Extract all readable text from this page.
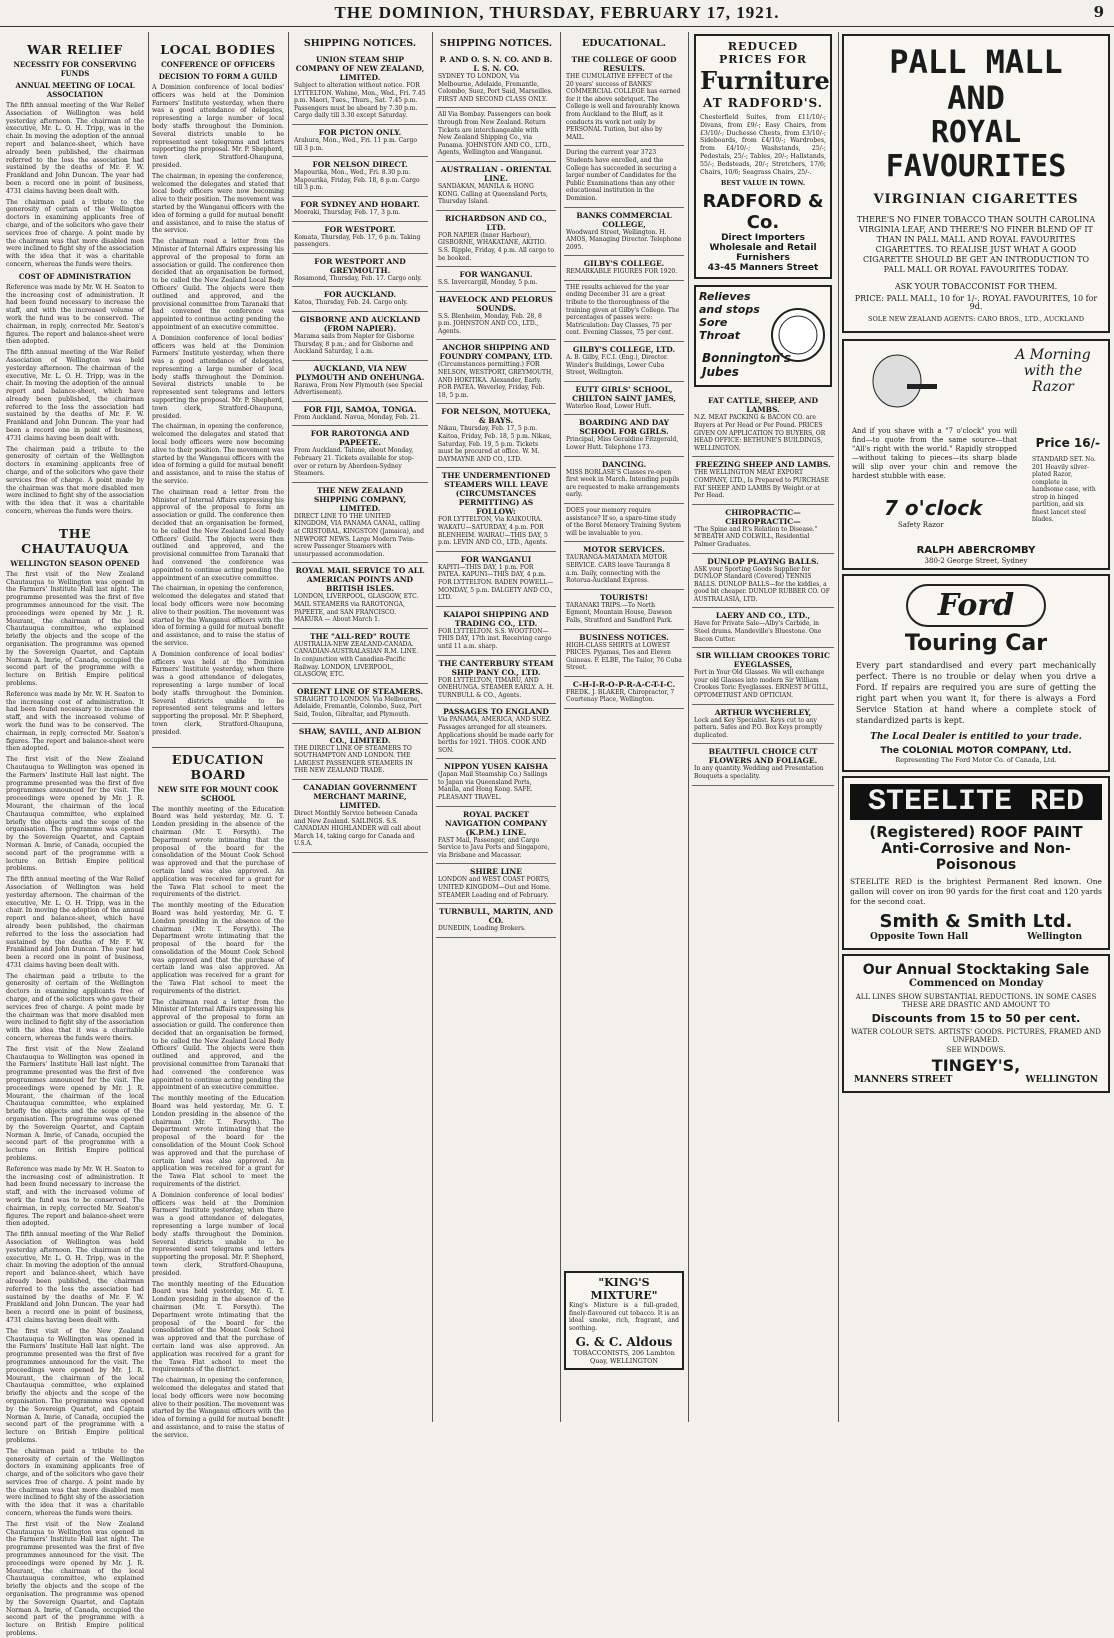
THE DOMINION, THURSDAY, FEBRUARY 17, 1921.	9
WAR RELIEF
NECESSITY FOR CONSERVING FUNDS
ANNUAL MEETING OF LOCAL ASSOCIATION

The fifth annual meeting of the War Relief Association of Wellington was held yesterday afternoon. The chairman of the executive, Mr. L. O. H. Tripp, was in the chair. In moving the adoption of the annual report and balance-sheet, which have already been published, the chairman referred to the loss the association had sustained by the deaths of Mr. F. W. Frankland and John Duncan. The year had been a record one in point of business, 4731 claims having been dealt with.

The chairman paid a tribute to the generosity of certain of the Wellington doctors in examining applicants free of charge, and of the solicitors who gave their services free of charge. A point made by the chairman was that more disabled men were inclined to fight shy of the association with the idea that it was a charitable concern, whereas the funds were theirs.

COST OF ADMINISTRATION

Reference was made by Mr. W. H. Seaton to the increasing cost of administration. It had been found necessary to increase the staff, and with the increased volume of work the fund was to be conserved. The chairman, in reply, corrected Mr. Seaton's figures. The report and balance-sheet were then adopted.

The fifth annual meeting of the War Relief Association of Wellington was held yesterday afternoon. The chairman of the executive, Mr. L. O. H. Tripp, was in the chair. In moving the adoption of the annual report and balance-sheet, which have already been published, the chairman referred to the loss the association had sustained by the deaths of Mr. F. W. Frankland and John Duncan. The year had been a record one in point of business, 4731 claims having been dealt with.

The chairman paid a tribute to the generosity of certain of the Wellington doctors in examining applicants free of charge, and of the solicitors who gave their services free of charge. A point made by the chairman was that more disabled men were inclined to fight shy of the association with the idea that it was a charitable concern, whereas the funds were theirs.

THE CHAUTAUQUA
WELLINGTON SEASON OPENED

The first visit of the New Zealand Chautauqua to Wellington was opened in the Farmers' Institute Hall last night. The programme presented was the first of five programmes announced for the visit. The proceedings were opened by Mr. J. R. Mourant, the chairman of the local Chautauqua committee, who explained briefly the objects and the scope of the organisation. The programme was opened by the Sovereign Quartet, and Captain Norman A. Imrie, of Canada, occupied the second part of the programme with a lecture on British Empire political problems.

Reference was made by Mr. W. H. Seaton to the increasing cost of administration. It had been found necessary to increase the staff, and with the increased volume of work the fund was to be conserved. The chairman, in reply, corrected Mr. Seaton's figures. The report and balance-sheet were then adopted.

The first visit of the New Zealand Chautauqua to Wellington was opened in the Farmers' Institute Hall last night. The programme presented was the first of five programmes announced for the visit. The proceedings were opened by Mr. J. R. Mourant, the chairman of the local Chautauqua committee, who explained briefly the objects and the scope of the organisation. The programme was opened by the Sovereign Quartet, and Captain Norman A. Imrie, of Canada, occupied the second part of the programme with a lecture on British Empire political problems.

The fifth annual meeting of the War Relief Association of Wellington was held yesterday afternoon. The chairman of the executive, Mr. L. O. H. Tripp, was in the chair. In moving the adoption of the annual report and balance-sheet, which have already been published, the chairman referred to the loss the association had sustained by the deaths of Mr. F. W. Frankland and John Duncan. The year had been a record one in point of business, 4731 claims having been dealt with.

The chairman paid a tribute to the generosity of certain of the Wellington doctors in examining applicants free of charge, and of the solicitors who gave their services free of charge. A point made by the chairman was that more disabled men were inclined to fight shy of the association with the idea that it was a charitable concern, whereas the funds were theirs.

The first visit of the New Zealand Chautauqua to Wellington was opened in the Farmers' Institute Hall last night. The programme presented was the first of five programmes announced for the visit. The proceedings were opened by Mr. J. R. Mourant, the chairman of the local Chautauqua committee, who explained briefly the objects and the scope of the organisation. The programme was opened by the Sovereign Quartet, and Captain Norman A. Imrie, of Canada, occupied the second part of the programme with a lecture on British Empire political problems.

Reference was made by Mr. W. H. Seaton to the increasing cost of administration. It had been found necessary to increase the staff, and with the increased volume of work the fund was to be conserved. The chairman, in reply, corrected Mr. Seaton's figures. The report and balance-sheet were then adopted.

The fifth annual meeting of the War Relief Association of Wellington was held yesterday afternoon. The chairman of the executive, Mr. L. O. H. Tripp, was in the chair. In moving the adoption of the annual report and balance-sheet, which have already been published, the chairman referred to the loss the association had sustained by the deaths of Mr. F. W. Frankland and John Duncan. The year had been a record one in point of business, 4731 claims having been dealt with.

The first visit of the New Zealand Chautauqua to Wellington was opened in the Farmers' Institute Hall last night. The programme presented was the first of five programmes announced for the visit. The proceedings were opened by Mr. J. R. Mourant, the chairman of the local Chautauqua committee, who explained briefly the objects and the scope of the organisation. The programme was opened by the Sovereign Quartet, and Captain Norman A. Imrie, of Canada, occupied the second part of the programme with a lecture on British Empire political problems.

The chairman paid a tribute to the generosity of certain of the Wellington doctors in examining applicants free of charge, and of the solicitors who gave their services free of charge. A point made by the chairman was that more disabled men were inclined to fight shy of the association with the idea that it was a charitable concern, whereas the funds were theirs.

The first visit of the New Zealand Chautauqua to Wellington was opened in the Farmers' Institute Hall last night. The programme presented was the first of five programmes announced for the visit. The proceedings were opened by Mr. J. R. Mourant, the chairman of the local Chautauqua committee, who explained briefly the objects and the scope of the organisation. The programme was opened by the Sovereign Quartet, and Captain Norman A. Imrie, of Canada, occupied the second part of the programme with a lecture on British Empire political problems.

LOCAL BODIES
CONFERENCE OF OFFICERS
DECISION TO FORM A GUILD

A Dominion conference of local bodies' officers was held at the Dominion Farmers' Institute yesterday, when there was a good attendance of delegates, representing a large number of local body staffs throughout the Dominion. Several districts unable to be represented sent telegrams and letters supporting the proposal. Mr. P. Shepherd, town clerk, Stratford-Ohaupuna, presided.

The chairman, in opening the conference, welcomed the delegates and stated that local body officers were now becoming alive to their position. The movement was started by the Wanganui officers with the idea of forming a guild for mutual benefit and assistance, and to raise the status of the service.

The chairman read a letter from the Minister of Internal Affairs expressing his approval of the proposal to form an association or guild. The conference then decided that an organisation be formed, to be called the New Zealand Local Body Officers' Guild. The objects were then outlined and approved, and the provisional committee from Taranaki that had convened the conference was appointed to continue acting pending the appointment of an executive committee.

A Dominion conference of local bodies' officers was held at the Dominion Farmers' Institute yesterday, when there was a good attendance of delegates, representing a large number of local body staffs throughout the Dominion. Several districts unable to be represented sent telegrams and letters supporting the proposal. Mr. P. Shepherd, town clerk, Stratford-Ohaupuna, presided.

The chairman, in opening the conference, welcomed the delegates and stated that local body officers were now becoming alive to their position. The movement was started by the Wanganui officers with the idea of forming a guild for mutual benefit and assistance, and to raise the status of the service.

The chairman read a letter from the Minister of Internal Affairs expressing his approval of the proposal to form an association or guild. The conference then decided that an organisation be formed, to be called the New Zealand Local Body Officers' Guild. The objects were then outlined and approved, and the provisional committee from Taranaki that had convened the conference was appointed to continue acting pending the appointment of an executive committee.

The chairman, in opening the conference, welcomed the delegates and stated that local body officers were now becoming alive to their position. The movement was started by the Wanganui officers with the idea of forming a guild for mutual benefit and assistance, and to raise the status of the service.

A Dominion conference of local bodies' officers was held at the Dominion Farmers' Institute yesterday, when there was a good attendance of delegates, representing a large number of local body staffs throughout the Dominion. Several districts unable to be represented sent telegrams and letters supporting the proposal. Mr. P. Shepherd, town clerk, Stratford-Ohaupuna, presided.

EDUCATION BOARD
NEW SITE FOR MOUNT COOK SCHOOL

The monthly meeting of the Education Board was held yesterday, Mr. G. T. London presiding in the absence of the chairman (Mr. T. Forsyth). The Department wrote intimating that the proposal of the board for the consolidation of the Mount Cook School was approved and that the purchase of certain land was also approved. An application was received for a grant for the Tawa Flat school to meet the requirements of the district.

The monthly meeting of the Education Board was held yesterday, Mr. G. T. London presiding in the absence of the chairman (Mr. T. Forsyth). The Department wrote intimating that the proposal of the board for the consolidation of the Mount Cook School was approved and that the purchase of certain land was also approved. An application was received for a grant for the Tawa Flat school to meet the requirements of the district.

The chairman read a letter from the Minister of Internal Affairs expressing his approval of the proposal to form an association or guild. The conference then decided that an organisation be formed, to be called the New Zealand Local Body Officers' Guild. The objects were then outlined and approved, and the provisional committee from Taranaki that had convened the conference was appointed to continue acting pending the appointment of an executive committee.

The monthly meeting of the Education Board was held yesterday, Mr. G. T. London presiding in the absence of the chairman (Mr. T. Forsyth). The Department wrote intimating that the proposal of the board for the consolidation of the Mount Cook School was approved and that the purchase of certain land was also approved. An application was received for a grant for the Tawa Flat school to meet the requirements of the district.

A Dominion conference of local bodies' officers was held at the Dominion Farmers' Institute yesterday, when there was a good attendance of delegates, representing a large number of local body staffs throughout the Dominion. Several districts unable to be represented sent telegrams and letters supporting the proposal. Mr. P. Shepherd, town clerk, Stratford-Ohaupuna, presided.

The monthly meeting of the Education Board was held yesterday, Mr. G. T. London presiding in the absence of the chairman (Mr. T. Forsyth). The Department wrote intimating that the proposal of the board for the consolidation of the Mount Cook School was approved and that the purchase of certain land was also approved. An application was received for a grant for the Tawa Flat school to meet the requirements of the district.

The chairman, in opening the conference, welcomed the delegates and stated that local body officers were now becoming alive to their position. The movement was started by the Wanganui officers with the idea of forming a guild for mutual benefit and assistance, and to raise the status of the service.

SHIPPING NOTICES.
UNION STEAM SHIP COMPANY OF NEW ZEALAND, LIMITED.
Subject to alteration without notice. FOR LYTTELTON. Wahine, Mon., Wed., Fri. 7.45 p.m. Maori, Tues., Thurs., Sat. 7.45 p.m. Passengers must be aboard by 7.30 p.m. Cargo daily till 3.30 except Saturday.
FOR PICTON ONLY.
Arahura, Mon., Wed., Fri. 11 p.m. Cargo till 3 p.m.
FOR NELSON DIRECT.
Mapourika, Mon., Wed., Fri. 8.30 p.m. Mapourika, Friday, Feb. 18, 8 p.m. Cargo till 3 p.m.
FOR SYDNEY AND HOBART.
Moeraki, Thursday, Feb. 17, 3 p.m.
FOR WESTPORT.
Komata, Thursday, Feb. 17, 6 p.m. Taking passengers.
FOR WESTPORT AND GREYMOUTH.
Rosamond, Thursday, Feb. 17. Cargo only.
FOR AUCKLAND.
Katoa, Thursday, Feb. 24. Cargo only.
GISBORNE AND AUCKLAND (FROM NAPIER).
Marama sails from Napier for Gisborne Thursday, 8 p.m.; and for Gisborne and Auckland Saturday, 1 a.m.
AUCKLAND, VIA NEW PLYMOUTH AND ONEHUNGA.
Rarawa, From New Plymouth (see Special Advertisement).
FOR FIJI, SAMOA, TONGA.
From Auckland. Navua, Monday, Feb. 21.
FOR RAROTONGA AND PAPEETE.
From Auckland. Talune, about Monday, February 21. Tickets available for stop-over or return by Aberdeen-Sydney Steamers.
THE NEW ZEALAND SHIPPING COMPANY, LIMITED.
DIRECT LINE TO THE UNITED KINGDOM, VIA PANAMA CANAL, calling at CRISTOBAL, KINGSTON (Jamaica), and NEWPORT NEWS. Large Modern Twin-screw Passenger Steamers with unsurpassed accommodation.
ROYAL MAIL SERVICE TO ALL AMERICAN POINTS AND BRITISH ISLES.
LONDON, LIVERPOOL, GLASGOW, ETC. MAIL STEAMERS via RAROTONGA, PAPEETE, and SAN FRANCISCO. MAKURA — About March 1.
THE "ALL-RED" ROUTE
AUSTRALIA-NEW ZEALAND-CANADA. CANADIAN-AUSTRALASIAN R.M. LINE. In conjunction with Canadian-Pacific Railway. LONDON, LIVERPOOL, GLASGOW, ETC.
ORIENT LINE OF STEAMERS.
STRAIGHT TO LONDON. Via Melbourne, Adelaide, Fremantle, Colombo, Suez, Port Said, Toulon, Gibraltar, and Plymouth.
SHAW, SAVILL, AND ALBION CO., LIMITED.
THE DIRECT LINE OF STEAMERS TO SOUTHAMPTON AND LONDON. THE LARGEST PASSENGER STEAMERS IN THE NEW ZEALAND TRADE.
CANADIAN GOVERNMENT MERCHANT MARINE, LIMITED.
Direct Monthly Service between Canada and New Zealand. SAILINGS. S.S. CANADIAN HIGHLANDER will call about March 14, taking cargo for Canada and U.S.A.
SHIPPING NOTICES.
P. AND O. S. N. CO. AND B. I. S. N. CO.
SYDNEY TO LONDON, Via Melbourne, Adelaide, Fremantle, Colombo, Suez, Port Said, Marseilles. FIRST AND SECOND CLASS ONLY.
All Via Bombay. Passengers can book through from New Zealand. Return Tickets are interchangeable with New Zealand Shipping Co., via Panama. JOHNSTON AND CO., LTD., Agents, Wellington and Wanganui.
AUSTRALIAN - ORIENTAL LINE.
SANDAKAN, MANILA & HONG KONG. Calling at Queensland Ports, Thursday Island.
RICHARDSON AND CO., LTD.
FOR NAPIER (Inner Harbour), GISBORNE, WHAKATANE, AKITIO. S.S. Ripple, Friday, 4 p.m. All cargo to be booked.
FOR WANGANUI.
S.S. Invercargill, Monday, 5 p.m.
HAVELOCK AND PELORUS SOUNDS.
S.S. Blenheim, Monday, Feb. 28, 8 p.m. JOHNSTON AND CO., LTD., Agents.
ANCHOR SHIPPING AND FOUNDRY COMPANY, LTD.
(Circumstances permitting.) FOR NELSON, WESTPORT, GREYMOUTH, AND HOKITIKA. Alexander, Early. FOR PATEA. Waverley, Friday, Feb. 18, 5 p.m.
FOR NELSON, MOTUEKA, & BAYS.
Nikau, Thursday, Feb. 17, 5 p.m. Kaitoa, Friday, Feb. 18, 5 p.m. Nikau, Saturday, Feb. 19, 5 p.m. Tickets must be procured at office. W. M. DAYMAYNE AND CO., LTD.
THE UNDERMENTIONED STEAMERS WILL LEAVE (CIRCUMSTANCES PERMITTING) AS FOLLOW:
FOR LYTTELTON, Via KAIKOURA. WAKATU—SATURDAY, 4 p.m. FOR BLENHEIM. WAIRAU—THIS DAY, 5 p.m. LEVIN AND CO., LTD., Agents.
FOR WANGANUI
KAPITI—THIS DAY, 1 p.m. FOR PATEA. KAPUNI—THIS DAY, 4 p.m. FOR LYTTELTON. BADEN POWELL—MONDAY, 5 p.m. DALGETY AND CO., LTD.
KAIAPOI SHIPPING AND TRADING CO., LTD.
FOR LYTTELTON. S.S. WOOTTON—THIS DAY, 17th inst. Receiving cargo until 11 a.m. sharp.
THE CANTERBURY STEAM SHIP PANY CO., LTD.
FOR LYTTELTON, TIMARU, AND ONEHUNGA. STEAMER EARLY. A. H. TURNBULL & CO., Agents.
PASSAGES TO ENGLAND
Via PANAMA, AMERICA, AND SUEZ. Passages arranged for all steamers. Applications should be made early for berths for 1921. THOS. COOK AND SON.
NIPPON YUSEN KAISHA
(Japan Mail Steamship Co.) Sailings to Japan via Queensland Ports, Manila, and Hong Kong. SAFE. PLEASANT TRAVEL.
ROYAL PACKET NAVIGATION COMPANY (K.P.M.) LINE.
FAST Mail, Passenger, and Cargo Service to Java Ports and Singapore, via Brisbane and Macassar.
SHIRE LINE
LONDON and WEST COAST PORTS, UNITED KINGDOM—Out and Home. STEAMER Loading end of February.
TURNBULL, MARTIN, AND CO.
DUNEDIN, Loading Brokers.
EDUCATIONAL.
THE COLLEGE OF GOOD RESULTS.
THE CUMULATIVE EFFECT of the 20 years' success of BANKS' COMMERCIAL COLLEGE has earned for it the above sobriquet. The College is well and favourably known from Auckland to the Bluff, as it conducts its work not only by PERSONAL Tuition, but also by MAIL.
During the current year 3723 Students have enrolled, and the College has succeeded in securing a larger number of Candidates for the Public Examinations than any other educational institution in the Dominion.
BANKS COMMERCIAL COLLEGE,
Woodward Street, Wellington. H. AMOS, Managing Director. Telephone 2095.
GILBY'S COLLEGE.
REMARKABLE FIGURES FOR 1920.
THE results achieved for the year ending December 31 are a great tribute to the thoroughness of the training given at Gilby's College. The percentages of passes were: Matriculation: Day Classes, 75 per cent. Evening Classes, 75 per cent.
GILBY'S COLLEGE, LTD.
A. B. Gilby, F.C.I. (Eng.), Director. Winder's Buildings, Lower Cuba Street, Wellington.
EUTT GIRLS' SCHOOL, CHILTON SAINT JAMES,
Waterloo Road, Lower Hutt.
BOARDING AND DAY SCHOOL FOR GIRLS.
Principal, Miss Geraldine Fitzgerald, Lower Hutt. Telephone 173.
DANCING.
MISS BORLASE'S Classes re-open first week in March. Intending pupils are requested to make arrangements early.
DOES your memory require assistance? If so, a spare-time study of the Borel Memory Training System will be invaluable to you.
MOTOR SERVICES.
TAURANGA-MATAMATA MOTOR SERVICE. CARS leave Tauranga 8 a.m. Daily, connecting with the Rotorua-Auckland Express.
TOURISTS!
TARANAKI TRIPS.—To North Egmont, Mountain House, Dawson Falls, Stratford and Sandford Park.
BUSINESS NOTICES.
HIGH-CLASS SHIRTS at LOWEST PRICES. Pyjamas, Ties and Eleven Guineas. F. ELBE, The Tailor, 76 Cuba Street.
C-H-I-R-O-P-R-A-C-T-I-C.
FREDK. J. BLAKER, Chiropractor, 7 Courtenay Place, Wellington.
"KING'S MIXTURE"
King's Mixture is a full-graded, finely-flavoured cut tobacco. It is an ideal smoke, rich, fragrant, and soothing.
G. & C. Aldous
TOBACCONISTS, 206 Lambton Quay, WELLINGTON
REDUCED PRICES FOR
Furniture
AT RADFORD'S.

Chesterfield Suites, from £11/10/-; Divans, from £9/-; Easy Chairs, from £3/10/-; Duchesse Chests, from £3/10/-; Sideboards, from £4/10/-; Wardrobes, from £4/10/-; Washstands, 25/-; Pedestals, 25/-; Tables, 20/-; Hallstands, 55/-; Bedsteads, 20/-; Stretchers, 17/6; Chairs, 10/6; Seagrass Chairs, 25/-.

BEST VALUE IN TOWN.
RADFORD & Co.
Direct Importers Wholesale and Retail Furnishers
43-45 Manners Street
Relieves and stops Sore Throat
Bonnington's Jubes
FAT CATTLE, SHEEP, AND LAMBS.
N.Z. MEAT PACKING & BACON CO. are Buyers at Per Head or Per Pound. PRICES GIVEN ON APPLICATION TO BUYERS, OR HEAD OFFICE: BETHUNE'S BUILDINGS, WELLINGTON.
FREEZING SHEEP AND LAMBS.
THE WELLINGTON MEAT EXPORT COMPANY, LTD., Is Prepared to PURCHASE FAT SHEEP AND LAMBS By Weight or at Per Head.
CHIROPRACTIC—CHIROPRACTIC—
"The Spine and It's Relation to Disease." M'BEATH AND COLWILL, Residential Palmer Graduates.
DUNLOP PLAYING BALLS.
ASK your Sporting Goods Supplier for DUNLOP Standard (Covered) TENNIS BALLS. DUNLOP BALLS—for the kiddies, a good bit cheaper. DUNLOP RUBBER CO. OF AUSTRALASIA, LTD.
LAERY AND CO., LTD.,
Have for Private Sale—Alby's Carbide, in Steel drums. Mandeville's Bluestone. One Bacon Cutter.
SIR WILLIAM CROOKES TORIC EYEGLASSES,
Fort in Your Old Glasses. We will exchange your old Glasses into modern Sir William Crookes Toric Eyeglasses. ERNEST M'GILL, OPTOMETRIST AND OPTICIAN.
ARTHUR WYCHERLEY,
Lock and Key Specialist. Keys cut to any pattern. Safes and P.O. Box Keys promptly duplicated.
BEAUTIFUL CHOICE CUT FLOWERS AND FOLIAGE.
In any quantity. Wedding and Presentation Bouquets a speciality.
PALL MALL AND
ROYAL FAVOURITES
VIRGINIAN CIGARETTES
THERE'S NO FINER TOBACCO THAN SOUTH CAROLINA VIRGINIA LEAF, AND THERE'S NO FINER BLEND OF IT THAN IN PALL MALL AND ROYAL FAVOURITES CIGARETTES. TO REALISE JUST WHAT A GOOD CIGARETTE SHOULD BE GET AN INTRODUCTION TO PALL MALL OR ROYAL FAVOURITES TODAY.
ASK YOUR TOBACCONIST FOR THEM.
PRICE: PALL MALL, 10 for 1/-. ROYAL FAVOURITES, 10 for 9d.
SOLE NEW ZEALAND AGENTS: CARO BROS., LTD., AUCKLAND
A Morning with the Razor
And if you shave with a "7 o'clock" you will find—to quote from the same source—that "All's right with the world." Rapidly stropped—without taking to pieces—its sharp blade will slip over your chin and remove the hardest stubble with ease.
Price 16/-
STANDARD SET. No. 201 Heavily silver-plated Razor, complete in handsome case, with strop in hinged partition, and six finest lancet steel blades.
7 o'clock
Safety Razor
RALPH ABERCROMBY
380-2 George Street, Sydney
Ford
Touring Car
Every part standardised and every part mechanically perfect. There is no trouble or delay when you drive a Ford. If repairs are required you are sure of getting the right part when you want it, for there is always a Ford Service Station at hand where a complete stock of standardized parts is kept.
The Local Dealer is entitled to your trade.
The COLONIAL MOTOR COMPANY, Ltd.
Representing The Ford Motor Co. of Canada, Ltd.
STEELITE RED
(Registered) ROOF PAINT
Anti-Corrosive and Non-Poisonous
STEELITE RED is the brightest Permanent Red known. One gallon will cover on iron 90 yards for the first coat and 120 yards for the second coat.
Smith & Smith Ltd.
Opposite Town Hall	Wellington
Our Annual Stocktaking Sale
Commenced on Monday
ALL LINES SHOW SUBSTANTIAL REDUCTIONS. IN SOME CASES THESE ARE DRASTIC AND AMOUNT TO
Discounts from 15 to 50 per cent.
WATER COLOUR SETS. ARTISTS' GOODS. PICTURES, FRAMED AND UNFRAMED.
SEE WINDOWS.
TINGEY'S,
MANNERS STREET	WELLINGTON
